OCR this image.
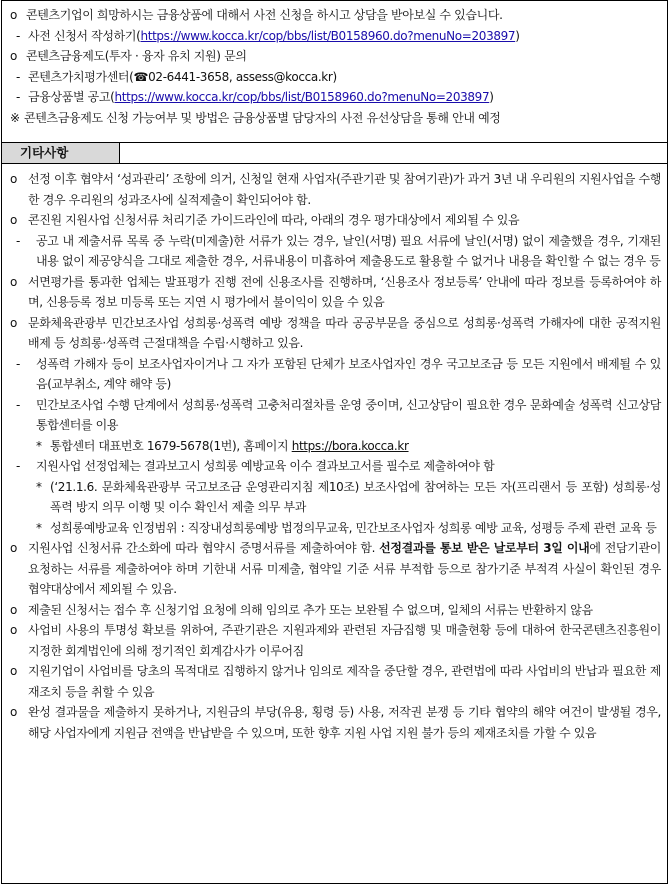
o 콘텐츠기업이 희망하시는 금융상품에 대해서 사전 신청을 하시고 상담을 받아보실 수 있습니다.
- 사전 신청서 작성하기(https://www.kocca.kr/cop/bbs/list/B0158960.do?menuNo=203897)
o 콘텐츠금융제도(투자 · 융자 유치 지원) 문의
- 콘텐츠가치평가센터(☎02-6441-3658, assess@kocca.kr)
- 금융상품별 공고(https://www.kocca.kr/cop/bbs/list/B0158960.do?menuNo=203897)
※ 콘텐츠금융제도 신청 가능여부 및 방법은 금융상품별 담당자의 사전 유선상담을 통해 안내 예정
기타사항
o 선정 이후 협약서 ‘성과관리’ 조항에 의거, 신청일 현재 사업자(주관기관 및 참여기관)가 과거 3년 내 우리원의 지원사업을 수행한 경우 우리원의 성과조사에 실적제출이 확인되어야 함.
o 콘진원 지원사업 신청서류 처리기준 가이드라인에 따라, 아래의 경우 평가대상에서 제외될 수 있음
- 공고 내 제출서류 목록 중 누락(미제출)한 서류가 있는 경우, 날인(서명) 필요 서류에 날인(서명) 없이 제출했을 경우, 기재된 내용 없이 제공양식을 그대로 제출한 경우, 서류내용이 미흡하여 제출용도로 활용할 수 없거나 내용을 확인할 수 없는 경우 등
o 서면평가를 통과한 업체는 발표평가 진행 전에 신용조사를 진행하며, ‘신용조사 정보등록’ 안내에 따라 정보를 등록하여야 하며, 신용등록 정보 미등록 또는 지연 시 평가에서 불이익이 있을 수 있음
o 문화체육관광부 민간보조사업 성희롱·성폭력 예방 정책을 따라 공공부문을 중심으로 성희롱·성폭력 가해자에 대한 공적지원 배제 등 성희롱·성폭력 근절대책을 수립·시행하고 있음.
- 성폭력 가해자 등이 보조사업자이거나 그 자가 포함된 단체가 보조사업자인 경우 국고보조금 등 모든 지원에서 배제될 수 있음(교부취소, 계약 해약 등)
- 민간보조사업 수행 단계에서 성희롱·성폭력 고충처리절차를 운영 중이며, 신고상담이 필요한 경우 문화예술 성폭력 신고상담 통합센터를 이용
* 통합센터 대표번호 1679-5678(1번), 홈페이지 https://bora.kocca.kr
- 지원사업 선정업체는 결과보고시 성희롱 예방교육 이수 결과보고서를 필수로 제출하여야 함
* (‘21.1.6. 문화체육관광부 국고보조금 운영관리지침 제10조) 보조사업에 참여하는 모든 자(프리랜서 등 포함) 성희롱·성폭력 방지 의무 이행 및 이수 확인서 제출 의무 부과
* 성희롱예방교육 인정범위 : 직장내성희롱예방 법정의무교육, 민간보조사업자 성희롱 예방 교육, 성평등 주제 관련 교육 등
o 지원사업 신청서류 간소화에 따라 협약시 증명서류를 제출하여야 함. 선정결과를 통보 받은 날로부터 3일 이내에 전담기관이 요청하는 서류를 제출하여야 하며 기한내 서류 미제출, 협약일 기준 서류 부적합 등으로 참가기준 부적격 사실이 확인된 경우 협약대상에서 제외될 수 있음.
o 제출된 신청서는 접수 후 신청기업 요청에 의해 임의로 추가 또는 보완될 수 없으며, 일체의 서류는 반환하지 않음
o 사업비 사용의 투명성 확보를 위하여, 주관기관은 지원과제와 관련된 자금집행 및 매출현황 등에 대하여 한국콘텐츠진흥원이 지정한 회계법인에 의해 정기적인 회계감사가 이루어짐
o 지원기업이 사업비를 당초의 목적대로 집행하지 않거나 임의로 제작을 중단할 경우, 관련법에 따라 사업비의 반납과 필요한 제재조치 등을 취할 수 있음
o 완성 결과물을 제출하지 못하거나, 지원금의 부당(유용, 횡령 등) 사용, 저작권 분쟁 등 기타 협약의 해약 여건이 발생될 경우, 해당 사업자에게 지원금 전액을 반납받을 수 있으며, 또한 향후 지원 사업 지원 불가 등의 제재조치를 가할 수 있음
